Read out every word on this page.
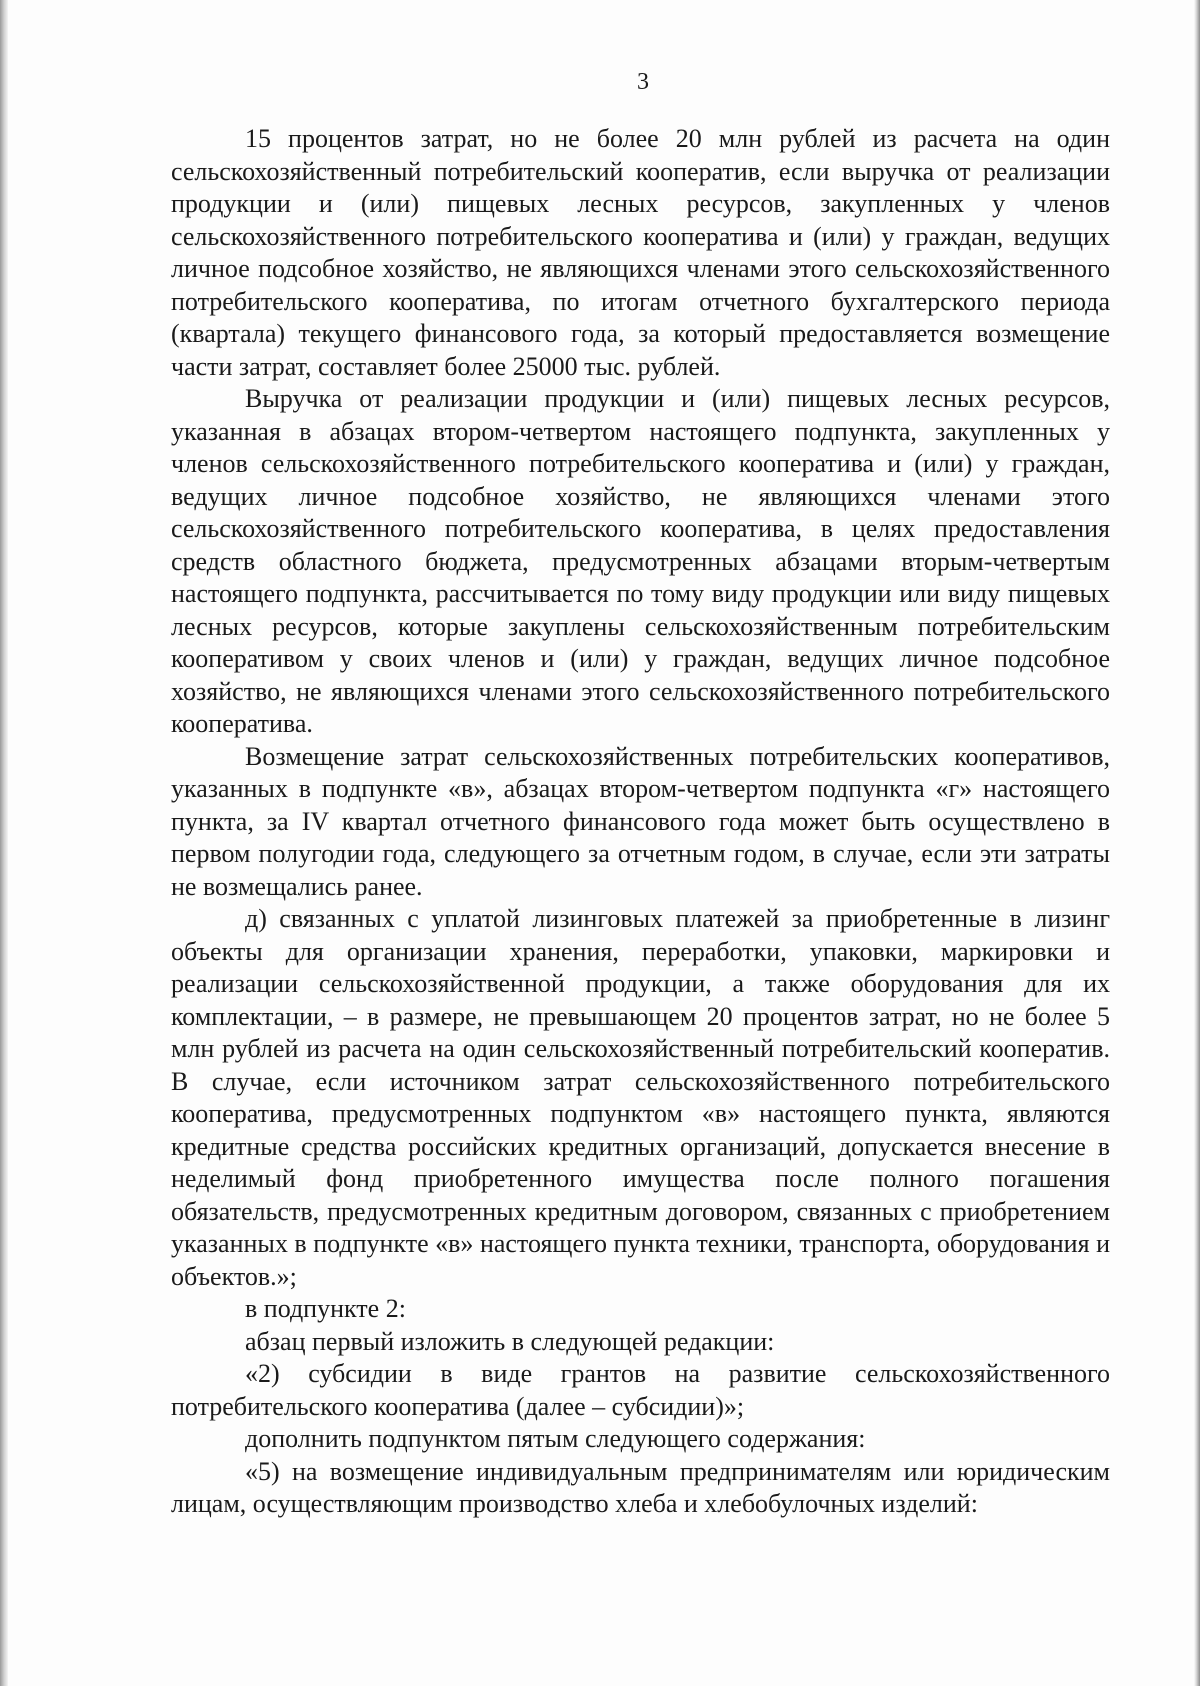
3

15 процентов затрат, но не более 20 млн рублей из расчета на один сельскохозяйственный потребительский кооператив, если выручка от реализации продукции и (или) пищевых лесных ресурсов, закупленных у членов сельскохозяйственного потребительского кооператива и (или) у граждан, ведущих личное подсобное хозяйство, не являющихся членами этого сельскохозяйственного потребительского кооператива, по итогам отчетного бухгалтерского периода (квартала) текущего финансового года, за который предоставляется возмещение части затрат, составляет более 25000 тыс. рублей.

Выручка от реализации продукции и (или) пищевых лесных ресурсов, указанная в абзацах втором-четвертом настоящего подпункта, закупленных у членов сельскохозяйственного потребительского кооператива и (или) у граждан, ведущих личное подсобное хозяйство, не являющихся членами этого сельскохозяйственного потребительского кооператива, в целях предоставления средств областного бюджета, предусмотренных абзацами вторым-четвертым настоящего подпункта, рассчитывается по тому виду продукции или виду пищевых лесных ресурсов, которые закуплены сельскохозяйственным потребительским кооперативом у своих членов и (или) у граждан, ведущих личное подсобное хозяйство, не являющихся членами этого сельскохозяйственного потребительского кооператива.

Возмещение затрат сельскохозяйственных потребительских кооперативов, указанных в подпункте «в», абзацах втором-четвертом подпункта «г» настоящего пункта, за IV квартал отчетного финансового года может быть осуществлено в первом полугодии года, следующего за отчетным годом, в случае, если эти затраты не возмещались ранее.

д) связанных с уплатой лизинговых платежей за приобретенные в лизинг объекты для организации хранения, переработки, упаковки, маркировки и реализации сельскохозяйственной продукции, а также оборудования для их комплектации, – в размере, не превышающем 20 процентов затрат, но не более 5 млн рублей из расчета на один сельскохозяйственный потребительский кооператив. В случае, если источником затрат сельскохозяйственного потребительского кооператива, предусмотренных подпунктом «в» настоящего пункта, являются кредитные средства российских кредитных организаций, допускается внесение в неделимый фонд приобретенного имущества после полного погашения обязательств, предусмотренных кредитным договором, связанных с приобретением указанных в подпункте «в» настоящего пункта техники, транспорта, оборудования и объектов.»;

в подпункте 2:

абзац первый изложить в следующей редакции:

«2) субсидии в виде грантов на развитие сельскохозяйственного потребительского кооператива (далее – субсидии)»;

дополнить подпунктом пятым следующего содержания:

«5) на возмещение индивидуальным предпринимателям или юридическим лицам, осуществляющим производство хлеба и хлебобулочных изделий:
